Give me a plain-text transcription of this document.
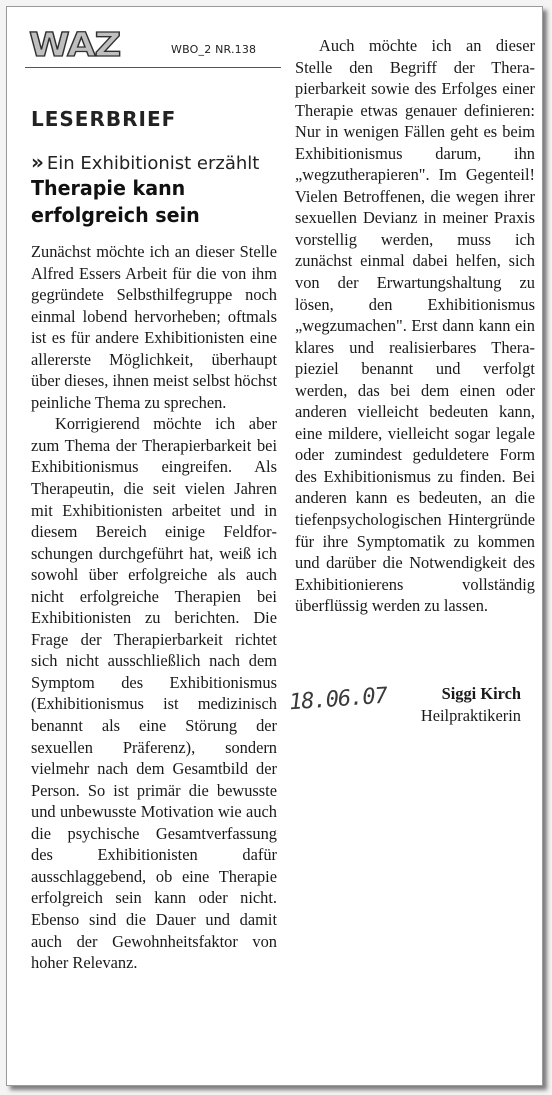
WAZ	WBO_2 NR.138
LESERBRIEF
» Ein Exhibitionist erzählt
Therapie kann erfolgreich sein

Zunächst möchte ich an dieser Stelle Alfred Essers Arbeit für die von ihm gegründete Selbsthilfegruppe noch einmal lobend hervorheben; oftmals ist es für andere Exhibitionisten eine allererste Möglichkeit, überhaupt über dieses, ihnen meist selbst höchst peinliche Thema zu sprechen.

Korrigierend möchte ich aber zum Thema der Therapierbarkeit bei Exhibitionismus eingreifen. Als Therapeutin, die seit vielen Jahren mit Exhibitionisten arbeitet und in diesem Bereich einige Feldforschungen durchgeführt hat, weiß ich sowohl über erfolgreiche als auch nicht erfolgreiche Therapien bei Exhibitionisten zu berichten. Die Frage der Therapierbarkeit richtet sich nicht ausschließlich nach dem Symptom des Exhibitionismus (Exhibitionismus ist medizinisch benannt als eine Störung der sexuellen Präferenz), sondern vielmehr nach dem Gesamtbild der Person. So ist primär die bewusste und unbewusste Motivation wie auch die psychische Gesamtverfassung des Exhibitionisten dafür ausschlaggebend, ob eine Therapie erfolgreich sein kann oder nicht. Ebenso sind die Dauer und damit auch der Gewohnheitsfaktor von hoher Relevanz.

Auch möchte ich an dieser Stelle den Begriff der Therapierbarkeit sowie des Erfolges einer Therapie etwas genauer definieren: Nur in wenigen Fällen geht es beim Exhibitionismus darum, ihn „wegzutherapieren". Im Gegenteil! Vielen Betroffenen, die wegen ihrer sexuellen Devianz in meiner Praxis vorstellig werden, muss ich zunächst einmal dabei helfen, sich von der Erwartungshaltung zu lösen, den Exhibitionismus „wegzumachen". Erst dann kann ein klares und realisierbares Therapieziel benannt und verfolgt werden, das bei dem einen oder anderen vielleicht bedeuten kann, eine mildere, vielleicht sogar legale oder zumindest geduldetere Form des Exhibitionismus zu finden. Bei anderen kann es bedeuten, an die tiefenpsychologischen Hintergründe für ihre Symptomatik zu kommen und darüber die Notwendigkeit des Exhibitionierens vollständig überflüssig werden zu lassen.

18.06.07	Siggi Kirch
Heilpraktikerin
